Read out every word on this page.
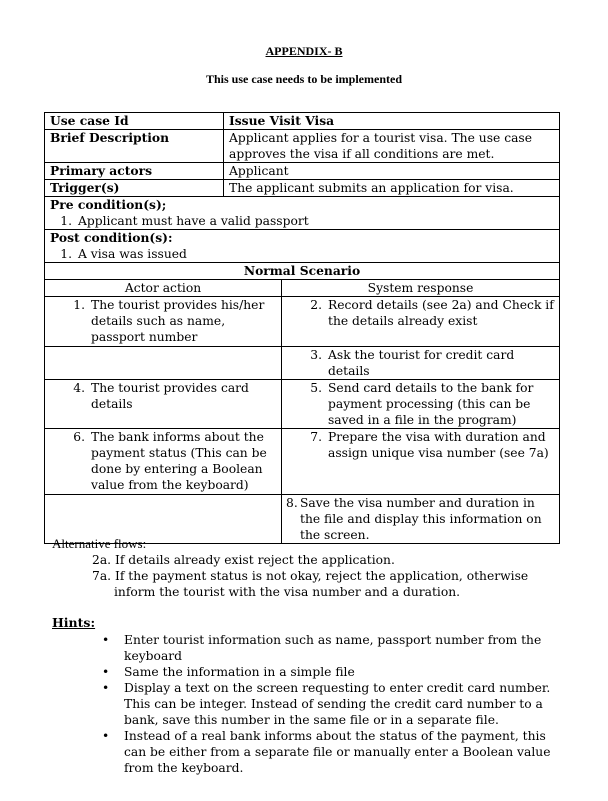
APPENDIX- B
This use case needs to be implemented
Use case Id	Issue Visit Visa	
Brief Description	Applicant applies for a tourist visa. The use case approves the visa if all conditions are met.	
Primary actors	Applicant	
Trigger(s)	The applicant submits an application for visa.	

Pre condition(s);
1. Applicant must have a valid passport		

Post condition(s):
1. A visa was issued		

Normal Scenario		
Actor action		System response

1. The tourist provides his/her details such as name, passport number		2. Record details (see 2a) and Check if the details already exist

		3. Ask the tourist for credit card details

4. The tourist provides card details		5. Send card details to the bank for payment processing (this can be saved in a file in the program)

6. The bank informs about the payment status (This can be done by entering a Boolean value from the keyboard)		7. Prepare the visa with duration and assign unique visa number (see 7a)

		8. Save the visa number and duration in the file and display this information on the screen.
Alternative flows:
2a. If details already exist reject the application.
7a. If the payment status is not okay, reject the application, otherwise inform the tourist with the visa number and a duration.
Hints:
• Enter tourist information such as name, passport number from the keyboard
• Same the information in a simple file
• Display a text on the screen requesting to enter credit card number. This can be integer. Instead of sending the credit card number to a bank, save this number in the same file or in a separate file.
• Instead of a real bank informs about the status of the payment, this can be either from a separate file or manually enter a Boolean value from the keyboard.
